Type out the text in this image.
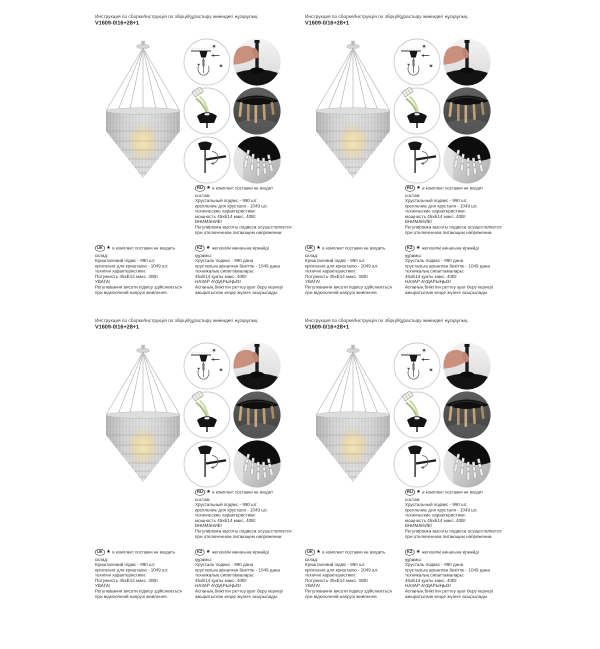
Инструкция по сборке/Інструкція по збірці/Құрастыру жөніндегі нұсқаулық.
V1609-0/16+28+1
✶
✶
RU ★ в комплект поставки не входит
состав:
Хрустальный подвес - 990 шт.
крепление для хрусталя - 1049 шт.
технические характеристики:
мощность 45хЕ14 макс. 40Вт
ВНИМАНИЕ!
Регулировка высоты подвеса осуществляется
при отключенном питающем напряжении.
UK ★ в комплект поставки не входить
склад:
Кришталевий підвіс - 990 шт.
кріплення для кришталю - 1049 шт.
технічні характеристики:
Потужність 45хЕ14 макс. 40Вт
УВАГА!
Регулювання висоти підвісу здійснюється
при відключеній напрузі живлення.
KZ ★ жеткізілім жинағына кірмейді
құрамы:
Хрусталь подвес - 990 дана
хрустальға арналған бекітпе - 1049 дана
техникалық сипаттамалары:
45хЕ14 қуаты макс. 40Вт
НАЗАР АУДАРЫҢЫЗ!
Аспаның биіктігін реттеу қуат беру кернеуі
ажыратылған кезде жүзеге асырылады.
Инструкция по сборке/Інструкція по збірці/Құрастыру жөніндегі нұсқаулық.
V1609-0/16+28+1
✶
✶
RU ★ в комплект поставки не входит
состав:
Хрустальный подвес - 990 шт.
крепление для хрусталя - 1049 шт.
технические характеристики:
мощность 45хЕ14 макс. 40Вт
ВНИМАНИЕ!
Регулировка высоты подвеса осуществляется
при отключенном питающем напряжении.
UK ★ в комплект поставки не входить
склад:
Кришталевий підвіс - 990 шт.
кріплення для кришталю - 1049 шт.
технічні характеристики:
Потужність 45хЕ14 макс. 40Вт
УВАГА!
Регулювання висоти підвісу здійснюється
при відключеній напрузі живлення.
KZ ★ жеткізілім жинағына кірмейді
құрамы:
Хрусталь подвес - 990 дана
хрустальға арналған бекітпе - 1049 дана
техникалық сипаттамалары:
45хЕ14 қуаты макс. 40Вт
НАЗАР АУДАРЫҢЫЗ!
Аспаның биіктігін реттеу қуат беру кернеуі
ажыратылған кезде жүзеге асырылады.
Инструкция по сборке/Інструкція по збірці/Құрастыру жөніндегі нұсқаулық.
V1609-0/16+28+1
✶
✶
RU ★ в комплект поставки не входит
состав:
Хрустальный подвес - 990 шт.
крепление для хрусталя - 1049 шт.
технические характеристики:
мощность 45хЕ14 макс. 40Вт
ВНИМАНИЕ!
Регулировка высоты подвеса осуществляется
при отключенном питающем напряжении.
UK ★ в комплект поставки не входить
склад:
Кришталевий підвіс - 990 шт.
кріплення для кришталю - 1049 шт.
технічні характеристики:
Потужність 45хЕ14 макс. 40Вт
УВАГА!
Регулювання висоти підвісу здійснюється
при відключеній напрузі живлення.
KZ ★ жеткізілім жинағына кірмейді
құрамы:
Хрусталь подвес - 990 дана
хрустальға арналған бекітпе - 1049 дана
техникалық сипаттамалары:
45хЕ14 қуаты макс. 40Вт
НАЗАР АУДАРЫҢЫЗ!
Аспаның биіктігін реттеу қуат беру кернеуі
ажыратылған кезде жүзеге асырылады.
Инструкция по сборке/Інструкція по збірці/Құрастыру жөніндегі нұсқаулық.
V1609-0/16+28+1
✶
✶
RU ★ в комплект поставки не входит
состав:
Хрустальный подвес - 990 шт.
крепление для хрусталя - 1049 шт.
технические характеристики:
мощность 45хЕ14 макс. 40Вт
ВНИМАНИЕ!
Регулировка высоты подвеса осуществляется
при отключенном питающем напряжении.
UK ★ в комплект поставки не входить
склад:
Кришталевий підвіс - 990 шт.
кріплення для кришталю - 1049 шт.
технічні характеристики:
Потужність 45хЕ14 макс. 40Вт
УВАГА!
Регулювання висоти підвісу здійснюється
при відключеній напрузі живлення.
KZ ★ жеткізілім жинағына кірмейді
құрамы:
Хрусталь подвес - 990 дана
хрустальға арналған бекітпе - 1049 дана
техникалық сипаттамалары:
45хЕ14 қуаты макс. 40Вт
НАЗАР АУДАРЫҢЫЗ!
Аспаның биіктігін реттеу қуат беру кернеуі
ажыратылған кезде жүзеге асырылады.
